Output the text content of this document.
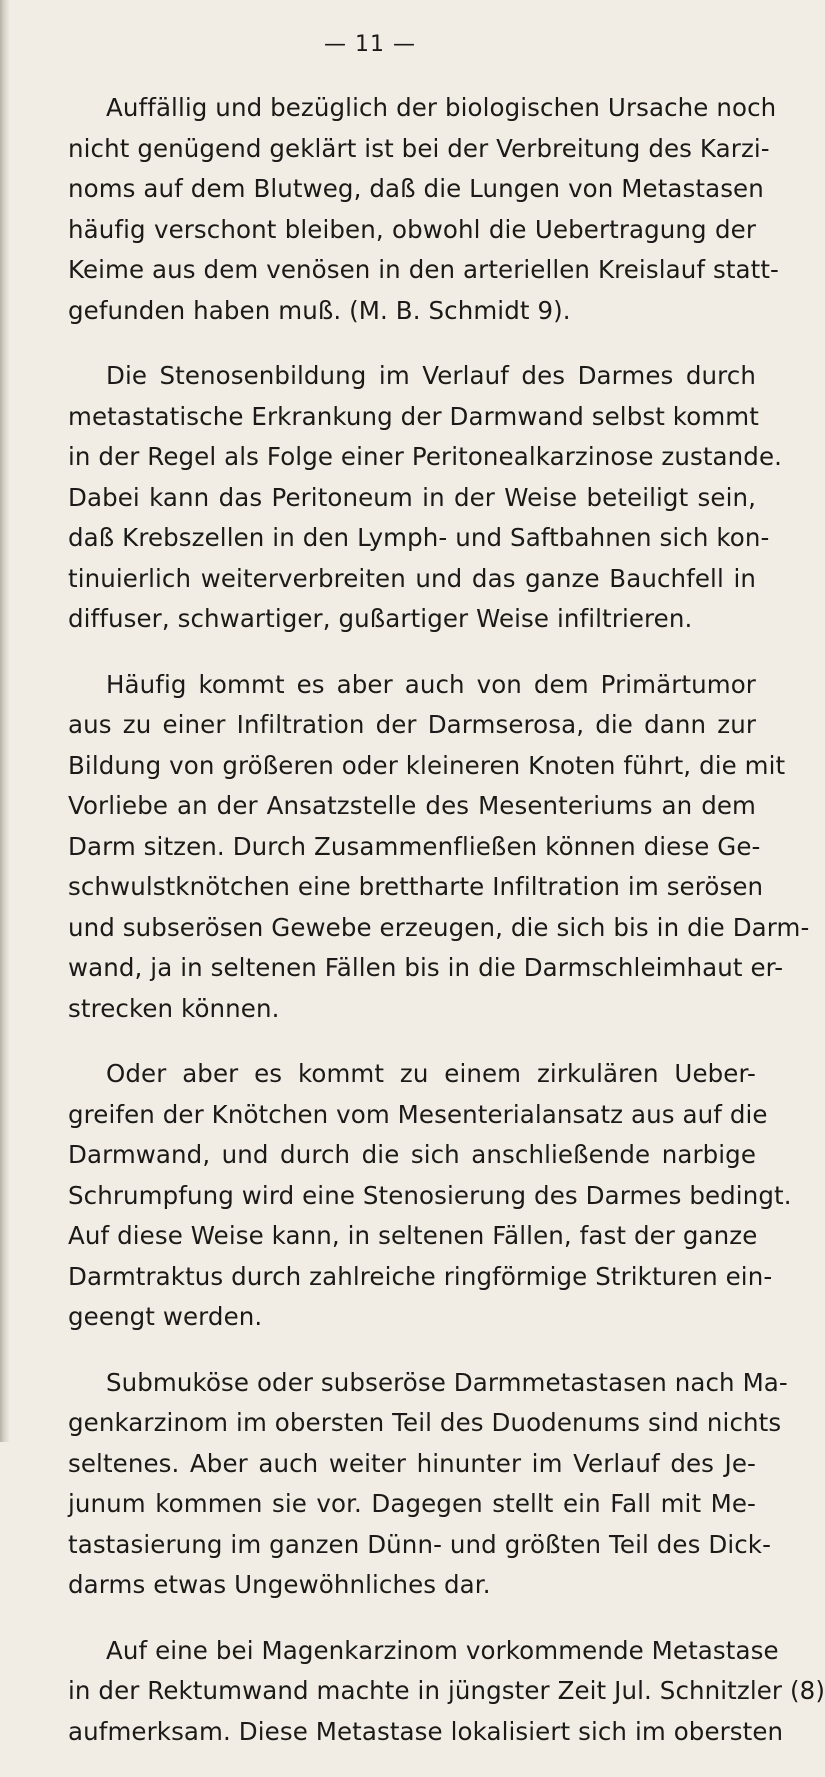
— 11 —
Auffällig und bezüglich der biologischen Ursache noch
nicht genügend geklärt ist bei der Verbreitung des Karzi-
noms auf dem Blutweg, daß die Lungen von Metastasen
häufig verschont bleiben, obwohl die Uebertragung der
Keime aus dem venösen in den arteriellen Kreislauf statt-
gefunden haben muß. (M. B. Schmidt 9).
Die Stenosenbildung im Verlauf des Darmes durch
metastatische Erkrankung der Darmwand selbst kommt
in der Regel als Folge einer Peritonealkarzinose zustande.
Dabei kann das Peritoneum in der Weise beteiligt sein,
daß Krebszellen in den Lymph- und Saftbahnen sich kon-
tinuierlich weiterverbreiten und das ganze Bauchfell in
diffuser, schwartiger, gußartiger Weise infiltrieren.
Häufig kommt es aber auch von dem Primärtumor
aus zu einer Infiltration der Darmserosa, die dann zur
Bildung von größeren oder kleineren Knoten führt, die mit
Vorliebe an der Ansatzstelle des Mesenteriums an dem
Darm sitzen. Durch Zusammenfließen können diese Ge-
schwulstknötchen eine brettharte Infiltration im serösen
und subserösen Gewebe erzeugen, die sich bis in die Darm-
wand, ja in seltenen Fällen bis in die Darmschleimhaut er-
strecken können.
Oder aber es kommt zu einem zirkulären Ueber-
greifen der Knötchen vom Mesenterialansatz aus auf die
Darmwand, und durch die sich anschließende narbige
Schrumpfung wird eine Stenosierung des Darmes bedingt.
Auf diese Weise kann, in seltenen Fällen, fast der ganze
Darmtraktus durch zahlreiche ringförmige Strikturen ein-
geengt werden.
Submuköse oder subseröse Darmmetastasen nach Ma-
genkarzinom im obersten Teil des Duodenums sind nichts
seltenes. Aber auch weiter hinunter im Verlauf des Je-
junum kommen sie vor. Dagegen stellt ein Fall mit Me-
tastasierung im ganzen Dünn- und größten Teil des Dick-
darms etwas Ungewöhnliches dar.
Auf eine bei Magenkarzinom vorkommende Metastase
in der Rektumwand machte in jüngster Zeit Jul. Schnitzler (8)
aufmerksam. Diese Metastase lokalisiert sich im obersten
